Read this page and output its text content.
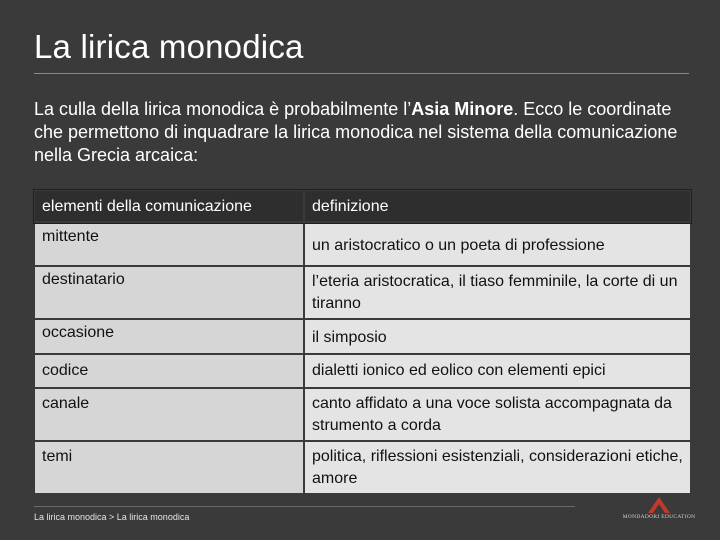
La lirica monodica
La culla della lirica monodica è probabilmente l’Asia Minore. Ecco le coordinate che permettono di inquadrare la lirica monodica nel sistema della comunicazione nella Grecia arcaica:
elementi della comunicazione	definizione
mittente	un aristocratico o un poeta di professione
destinatario	l’eteria aristocratica, il tiaso femminile, la corte di un tiranno
occasione	il simposio
codice	dialetti ionico ed eolico con elementi epici
canale	canto affidato a una voce solista accompagnata da strumento a corda
temi	politica, riflessioni esistenziali, considerazioni etiche, amore
La lirica monodica > La lirica monodica	MONDADORI EDUCATION
